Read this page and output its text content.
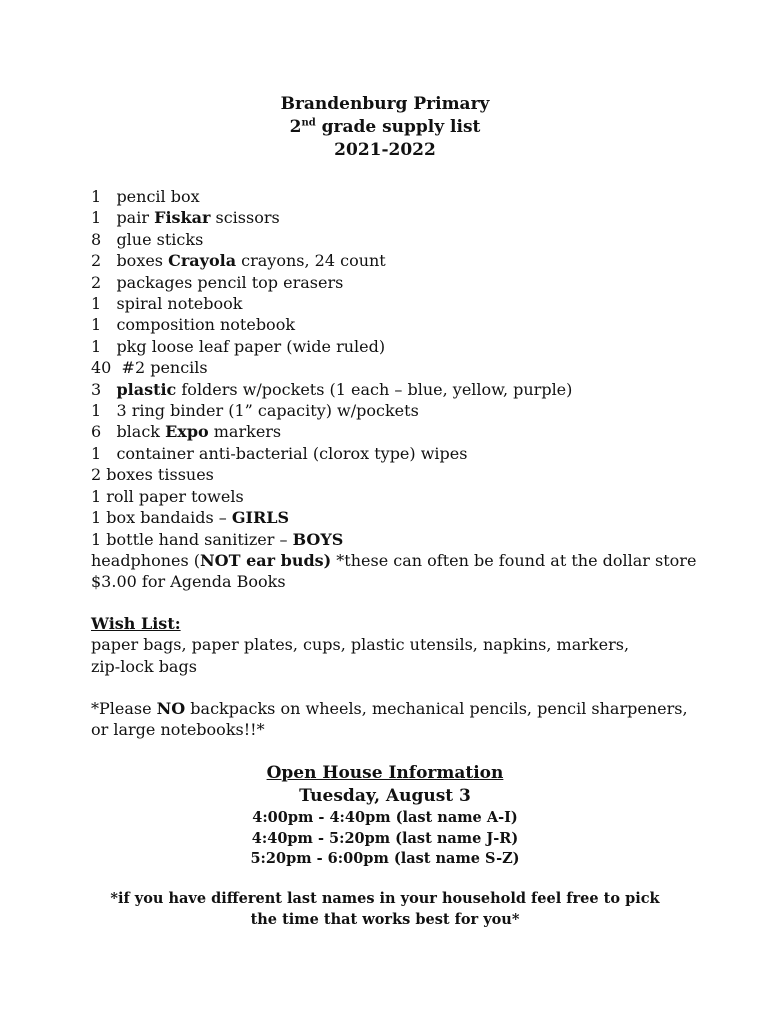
Brandenburg Primary
2nd grade supply list
2021-2022
1   pencil box
1   pair Fiskar scissors
8   glue sticks
2   boxes Crayola crayons, 24 count
2   packages pencil top erasers
1   spiral notebook
1   composition notebook
1   pkg loose leaf paper (wide ruled)
40  #2 pencils
3   plastic folders w/pockets (1 each – blue, yellow, purple)
1   3 ring binder (1” capacity) w/pockets
6   black Expo markers
1   container anti-bacterial (clorox type) wipes
2 boxes tissues
1 roll paper towels
1 box bandaids – GIRLS
1 bottle hand sanitizer – BOYS
headphones (NOT ear buds) *these can often be found at the dollar store
$3.00 for Agenda Books
Wish List:
paper bags, paper plates, cups, plastic utensils, napkins, markers,
zip-lock bags
*Please NO backpacks on wheels, mechanical pencils, pencil sharpeners,
or large notebooks!!*
Open House Information
Tuesday, August 3
4:00pm - 4:40pm (last name A-I)
4:40pm - 5:20pm (last name J-R)
5:20pm - 6:00pm (last name S-Z)
*if you have different last names in your household feel free to pick
the time that works best for you*
